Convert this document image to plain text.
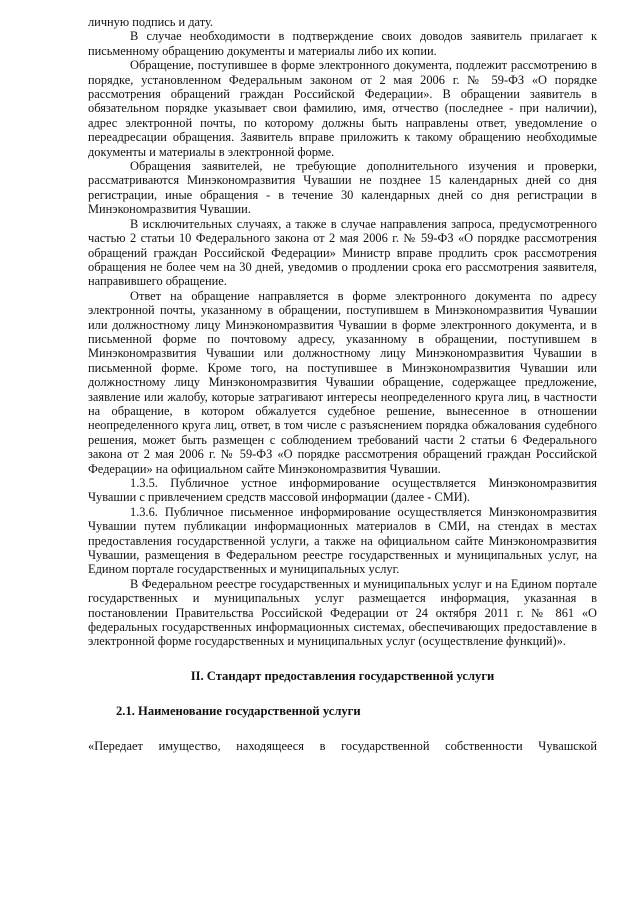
личную подпись и дату.

В случае необходимости в подтверждение своих доводов заявитель прилагает к письменному обращению документы и материалы либо их копии.

Обращение, поступившее в форме электронного документа, подлежит рассмотрению в порядке, установленном Федеральным законом от 2 мая 2006 г. № 59-ФЗ «О порядке рассмотрения обращений граждан Российской Федерации». В обращении заявитель в обязательном порядке указывает свои фамилию, имя, отчество (последнее - при наличии), адрес электронной почты, по которому должны быть направлены ответ, уведомление о переадресации обращения. Заявитель вправе приложить к такому обращению необходимые документы и материалы в электронной форме.

Обращения заявителей, не требующие дополнительного изучения и проверки, рассматриваются Минэкономразвития Чувашии не позднее 15 календарных дней со дня регистрации, иные обращения - в течение 30 календарных дней со дня регистрации в Минэкономразвития Чувашии.

В исключительных случаях, а также в случае направления запроса, предусмотренного частью 2 статьи 10 Федерального закона от 2 мая 2006 г. № 59-ФЗ «О порядке рассмотрения обращений граждан Российской Федерации» Министр вправе продлить срок рассмотрения обращения не более чем на 30 дней, уведомив о продлении срока его рассмотрения заявителя, направившего обращение.

Ответ на обращение направляется в форме электронного документа по адресу электронной почты, указанному в обращении, поступившем в Минэкономразвития Чувашии или должностному лицу Минэкономразвития Чувашии в форме электронного документа, и в письменной форме по почтовому адресу, указанному в обращении, поступившем в Минэкономразвития Чувашии или должностному лицу Минэкономразвития Чувашии в письменной форме. Кроме того, на поступившее в Минэкономразвития Чувашии или должностному лицу Минэкономразвития Чувашии обращение, содержащее предложение, заявление или жалобу, которые затрагивают интересы неопределенного круга лиц, в частности на обращение, в котором обжалуется судебное решение, вынесенное в отношении неопределенного круга лиц, ответ, в том числе с разъяснением порядка обжалования судебного решения, может быть размещен с соблюдением требований части 2 статьи 6 Федерального закона от 2 мая 2006 г. № 59-ФЗ «О порядке рассмотрения обращений граждан Российской Федерации» на официальном сайте Минэкономразвития Чувашии.

1.3.5. Публичное устное информирование осуществляется Минэкономразвития Чувашии с привлечением средств массовой информации (далее - СМИ).

1.3.6. Публичное письменное информирование осуществляется Минэкономразвития Чувашии путем публикации информационных материалов в СМИ, на стендах в местах предоставления государственной услуги, а также на официальном сайте Минэкономразвития Чувашии, размещения в Федеральном реестре государственных и муниципальных услуг, на Едином портале государственных и муниципальных услуг.

В Федеральном реестре государственных и муниципальных услуг и на Едином портале государственных и муниципальных услуг размещается информация, указанная в постановлении Правительства Российской Федерации от 24 октября 2011 г. № 861 «О федеральных государственных информационных системах, обеспечивающих предоставление в электронной форме государственных и муниципальных услуг (осуществление функций)».

II. Стандарт предоставления государственной услуги
2.1. Наименование государственной услуги

«Передает имущество, находящееся в государственной собственности Чувашской
